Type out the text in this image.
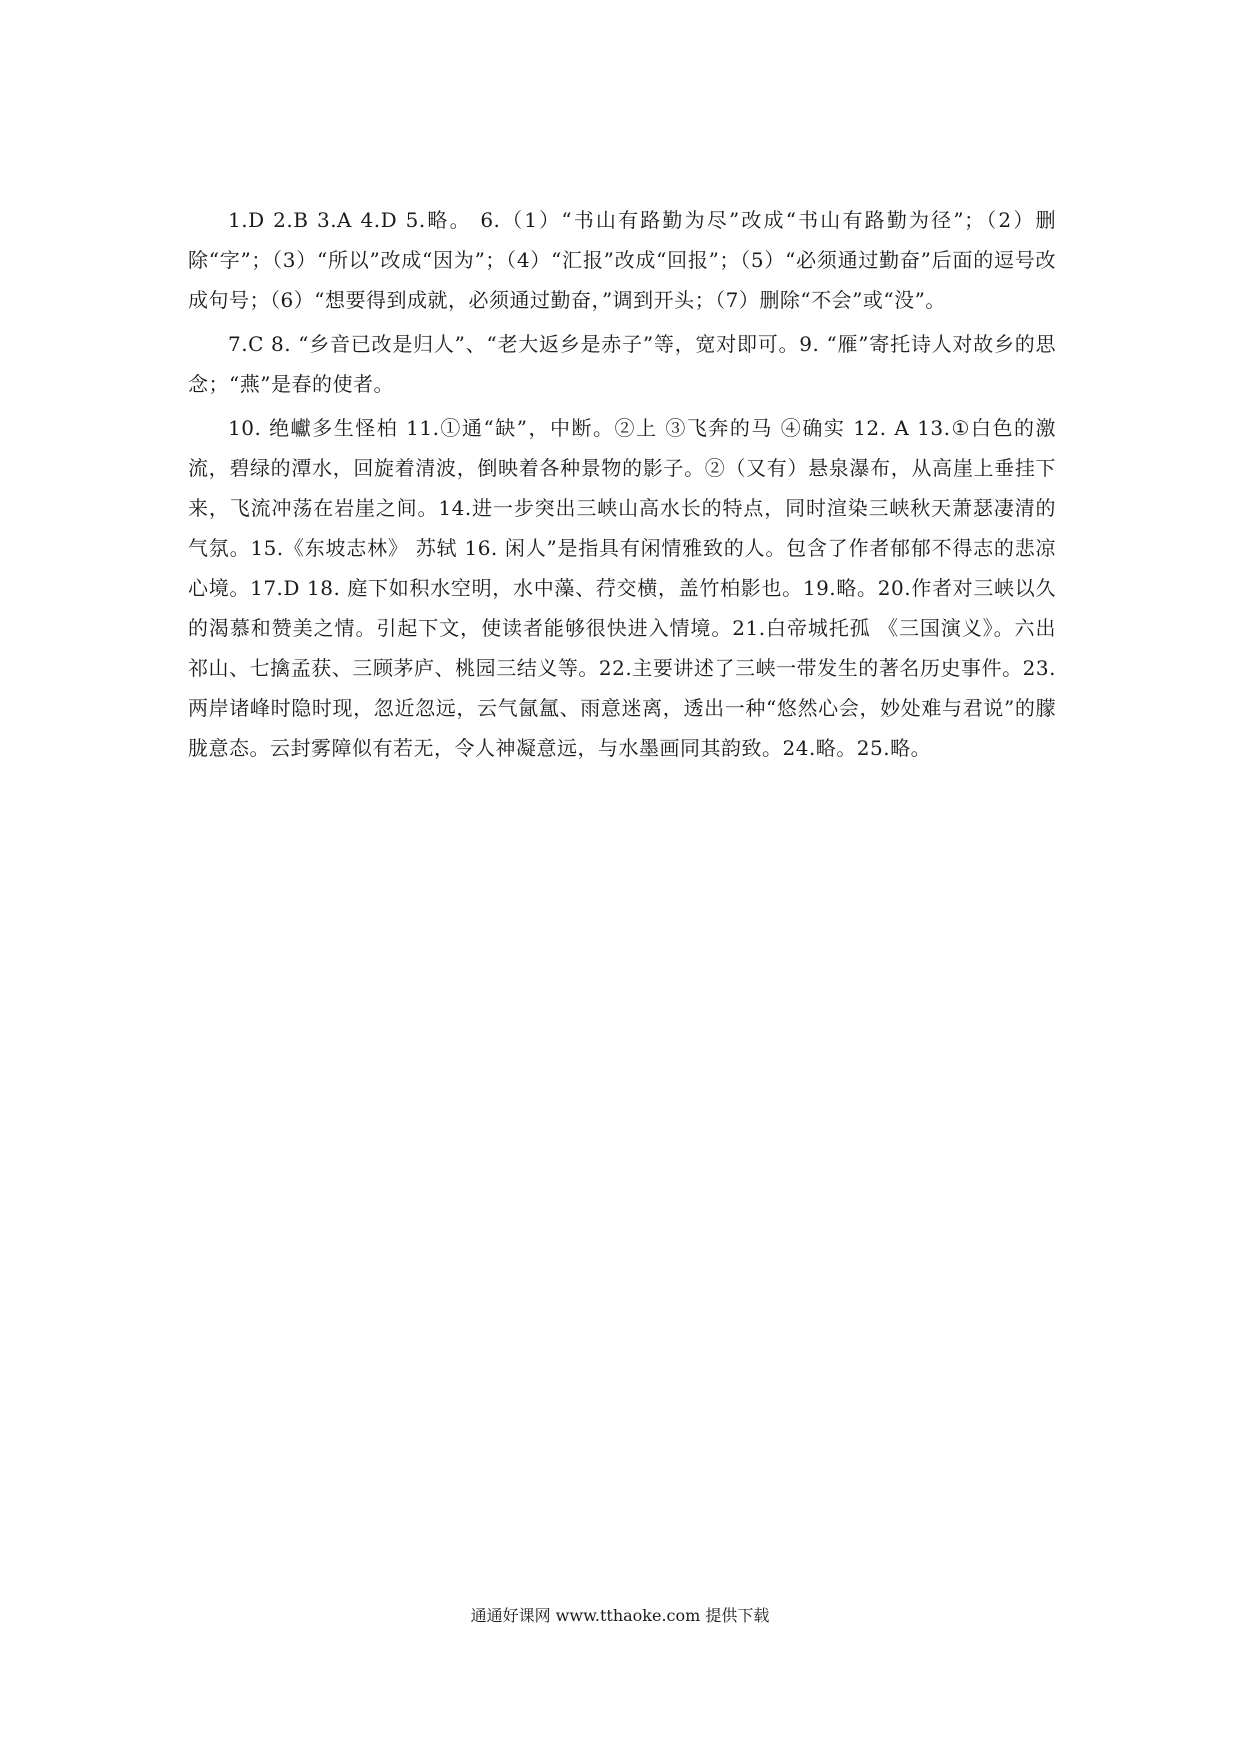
1.D 2.B 3.A 4.D 5.略。 6.（1）“书山有路勤为尽”改成“书山有路勤为径”；（2）删除“字”；（3）“所以”改成“因为”；（4）“汇报”改成“回报”；（5）“必须通过勤奋”后面的逗号改成句号；（6）“想要得到成就，必须通过勤奋，”调到开头；（7）删除“不会”或“没”。

7.C 8. “乡音已改是归人”、“老大返乡是赤子”等，宽对即可。9. “雁”寄托诗人对故乡的思念；“燕”是春的使者。

10. 绝巘多生怪柏 11.①通“缺”，中断。②上 ③飞奔的马 ④确实 12. A 13.①白色的激流，碧绿的潭水，回旋着清波，倒映着各种景物的影子。②（又有）悬泉瀑布，从高崖上垂挂下来，飞流冲荡在岩崖之间。14.进一步突出三峡山高水长的特点，同时渲染三峡秋天萧瑟凄清的气氛。15.《东坡志林》 苏轼 16. 闲人”是指具有闲情雅致的人。包含了作者郁郁不得志的悲凉心境。17.D 18. 庭下如积水空明，水中藻、荇交横，盖竹柏影也。19.略。20.作者对三峡以久的渴慕和赞美之情。引起下文，使读者能够很快进入情境。21.白帝城托孤 《三国演义》。六出祁山、七擒孟获、三顾茅庐、桃园三结义等。22.主要讲述了三峡一带发生的著名历史事件。23. 两岸诸峰时隐时现，忽近忽远，云气氤氲、雨意迷离，透出一种“悠然心会，妙处难与君说”的朦胧意态。云封雾障似有若无，令人神凝意远，与水墨画同其韵致。24.略。25.略。

通通好课网 www.tthaoke.com 提供下载
